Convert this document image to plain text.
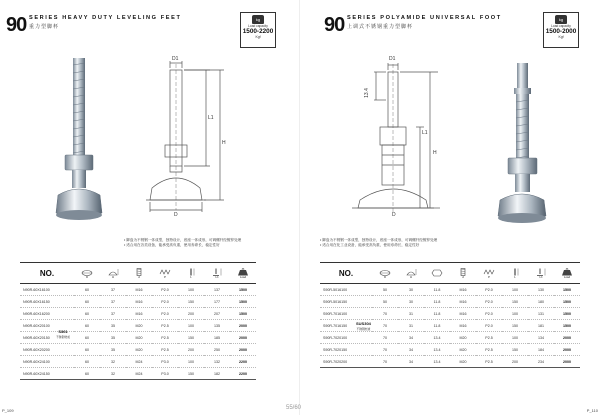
90 SERIES HEAVY DUTY LEVELING FEET
重力型脚杯
kg
Load capacity
1500-2200
Kgf
D1
L1
H
D
• 脚盘为不锈钢一体成型，独特设计，底座一体成形，可调螺杆经镀锌处理
• 适合用在各类设备，能承受高负重，使用寿命长，稳定性好
NO.	D	H	d	P	L	L1	Load

N90R-60X16100	60	37	M16	P2.0	100	137	1500
N90R-60X16150	60	37	M16	P2.0	150	177	1500
N90R-60X16200	60	37	M16	P2.0	200	207	1500
N90R-60X20100	60	35	M20	P2.5	100	135	2000
N90R-60X20150	60	35	M20	P2.5	150	185	2000
N90R-60X20200	60	35	M20	P2.5	200	250	2000
N90R-60X24100	60	32	M24	P3.0	100	132	2200
N90R-60X24150	60	32	M24	P3.0	150	182	2200
S361
不锈钢材质
P_109
90 SERIES POLYAMIDE UNIVERSAL FOOT
上调式不锈钢重力型脚杯
kg
Load capacity
1500-2000
Kgf
D1
13.4
L1
H
D
• 脚盘为不锈钢一体成型，独特设计，底座一体成形，可调螺杆经镀锌处理
• 适合用在化工业设备，能承受高负重，使用寿命长，稳定性好
NO.	D	H		d	P	L	L1	Load

S90R-5016100	50	30	11.8	M16	P2.0	100	130	1500
S90R-5016150	50	30	11.8	M16	P2.0	150	180	1500
S90R-7016100	70	31	11.8	M16	P2.0	100	131	1500
S90R-7016150	70	31	11.8	M16	P2.0	150	181	1500
S90R-7020100	70	34	13.4	M20	P2.5	100	134	2000
S90R-7020150	70	34	13.4	M20	P2.5	150	184	2000
S90R-7020200	70	34	13.4	M20	P2.5	200	234	2000
SUS304
不锈钢材质
P_110
55/60
